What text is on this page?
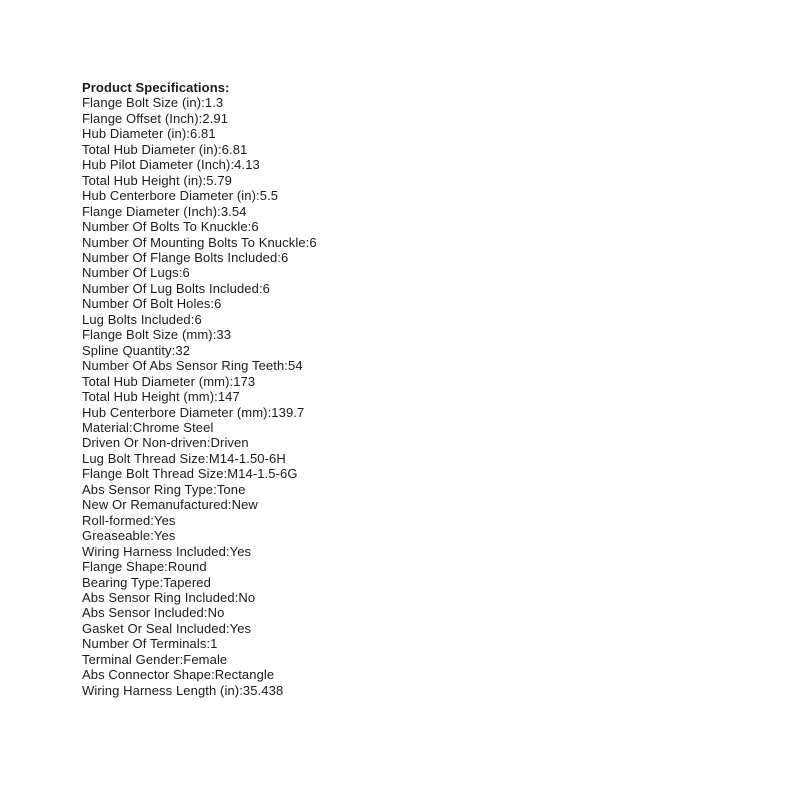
Product Specifications:
Flange Bolt Size (in):1.3
Flange Offset (Inch):2.91
Hub Diameter (in):6.81
Total Hub Diameter (in):6.81
Hub Pilot Diameter (Inch):4.13
Total Hub Height (in):5.79
Hub Centerbore Diameter (in):5.5
Flange Diameter (Inch):3.54
Number Of Bolts To Knuckle:6
Number Of Mounting Bolts To Knuckle:6
Number Of Flange Bolts Included:6
Number Of Lugs:6
Number Of Lug Bolts Included:6
Number Of Bolt Holes:6
Lug Bolts Included:6
Flange Bolt Size (mm):33
Spline Quantity:32
Number Of Abs Sensor Ring Teeth:54
Total Hub Diameter (mm):173
Total Hub Height (mm):147
Hub Centerbore Diameter (mm):139.7
Material:Chrome Steel
Driven Or Non-driven:Driven
Lug Bolt Thread Size:M14-1.50-6H
Flange Bolt Thread Size:M14-1.5-6G
Abs Sensor Ring Type:Tone
New Or Remanufactured:New
Roll-formed:Yes
Greaseable:Yes
Wiring Harness Included:Yes
Flange Shape:Round
Bearing Type:Tapered
Abs Sensor Ring Included:No
Abs Sensor Included:No
Gasket Or Seal Included:Yes
Number Of Terminals:1
Terminal Gender:Female
Abs Connector Shape:Rectangle
Wiring Harness Length (in):35.438
